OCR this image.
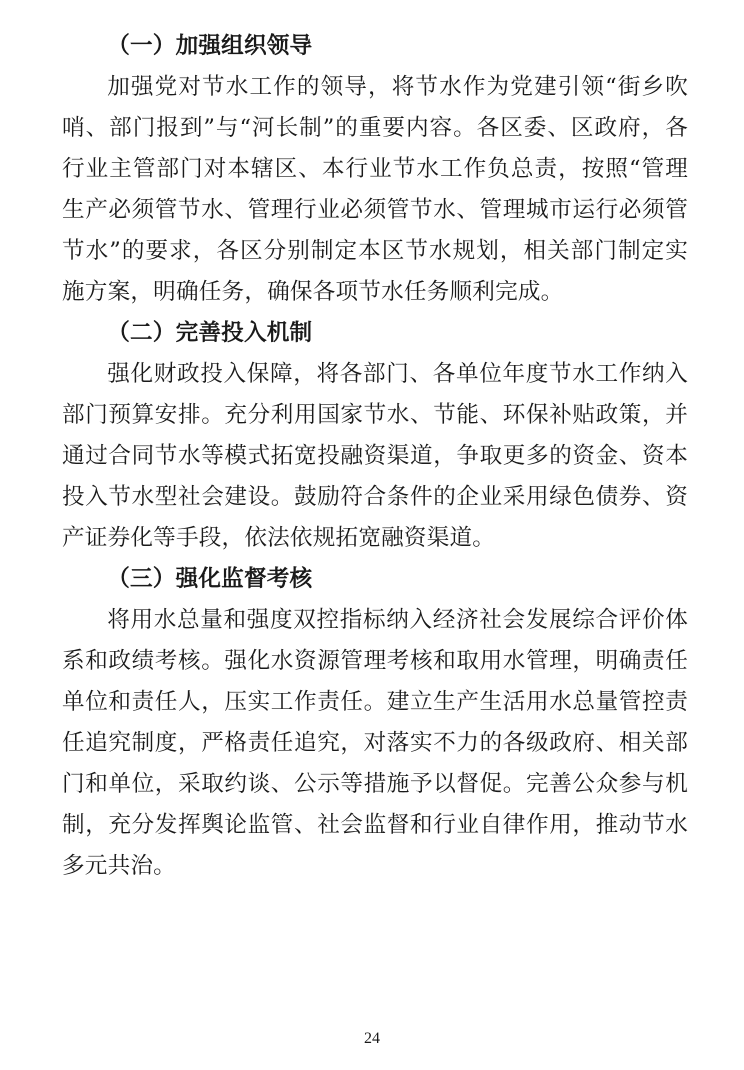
（一）加强组织领导

加强党对节水工作的领导，将节水作为党建引领“街乡吹哨、部门报到”与“河长制”的重要内容。各区委、区政府，各行业主管部门对本辖区、本行业节水工作负总责，按照“管理生产必须管节水、管理行业必须管节水、管理城市运行必须管节水”的要求，各区分别制定本区节水规划，相关部门制定实施方案，明确任务，确保各项节水任务顺利完成。

（二）完善投入机制

强化财政投入保障，将各部门、各单位年度节水工作纳入部门预算安排。充分利用国家节水、节能、环保补贴政策，并通过合同节水等模式拓宽投融资渠道，争取更多的资金、资本投入节水型社会建设。鼓励符合条件的企业采用绿色债券、资产证券化等手段，依法依规拓宽融资渠道。

（三）强化监督考核

将用水总量和强度双控指标纳入经济社会发展综合评价体系和政绩考核。强化水资源管理考核和取用水管理，明确责任单位和责任人，压实工作责任。建立生产生活用水总量管控责任追究制度，严格责任追究，对落实不力的各级政府、相关部门和单位，采取约谈、公示等措施予以督促。完善公众参与机制，充分发挥舆论监管、社会监督和行业自律作用，推动节水多元共治。

24
